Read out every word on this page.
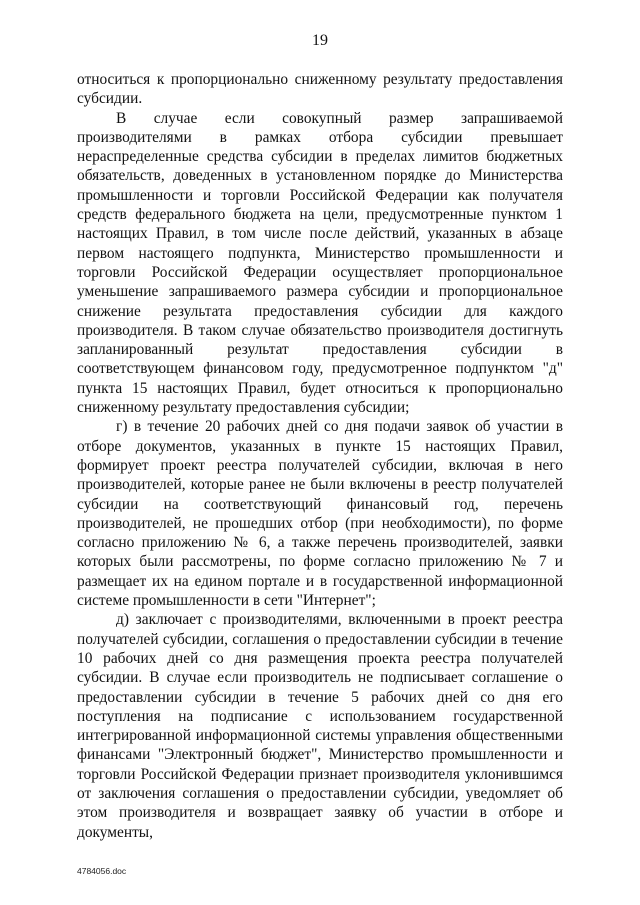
19

относиться к пропорционально сниженному результату предоставления субсидии.

В случае если совокупный размер запрашиваемой производителями в рамках отбора субсидии превышает нераспределенные средства субсидии в пределах лимитов бюджетных обязательств, доведенных в установленном порядке до Министерства промышленности и торговли Российской Федерации как получателя средств федерального бюджета на цели, предусмотренные пунктом 1 настоящих Правил, в том числе после действий, указанных в абзаце первом настоящего подпункта, Министерство промышленности и торговли Российской Федерации осуществляет пропорциональное уменьшение запрашиваемого размера субсидии и пропорциональное снижение результата предоставления субсидии для каждого производителя. В таком случае обязательство производителя достигнуть запланированный результат предоставления субсидии в соответствующем финансовом году, предусмотренное подпунктом "д" пункта 15 настоящих Правил, будет относиться к пропорционально сниженному результату предоставления субсидии;

г) в течение 20 рабочих дней со дня подачи заявок об участии в отборе документов, указанных в пункте 15 настоящих Правил, формирует проект реестра получателей субсидии, включая в него производителей, которые ранее не были включены в реестр получателей субсидии на соответствующий финансовый год, перечень производителей, не прошедших отбор (при необходимости), по форме согласно приложению № 6, а также перечень производителей, заявки которых были рассмотрены, по форме согласно приложению № 7 и размещает их на едином портале и в государственной информационной системе промышленности в сети "Интернет";

д) заключает с производителями, включенными в проект реестра получателей субсидии, соглашения о предоставлении субсидии в течение 10 рабочих дней со дня размещения проекта реестра получателей субсидии. В случае если производитель не подписывает соглашение о предоставлении субсидии в течение 5 рабочих дней со дня его поступления на подписание с использованием государственной интегрированной информационной системы управления общественными финансами "Электронный бюджет", Министерство промышленности и торговли Российской Федерации признает производителя уклонившимся от заключения соглашения о предоставлении субсидии, уведомляет об этом производителя и возвращает заявку об участии в отборе и документы,

4784056.doc
